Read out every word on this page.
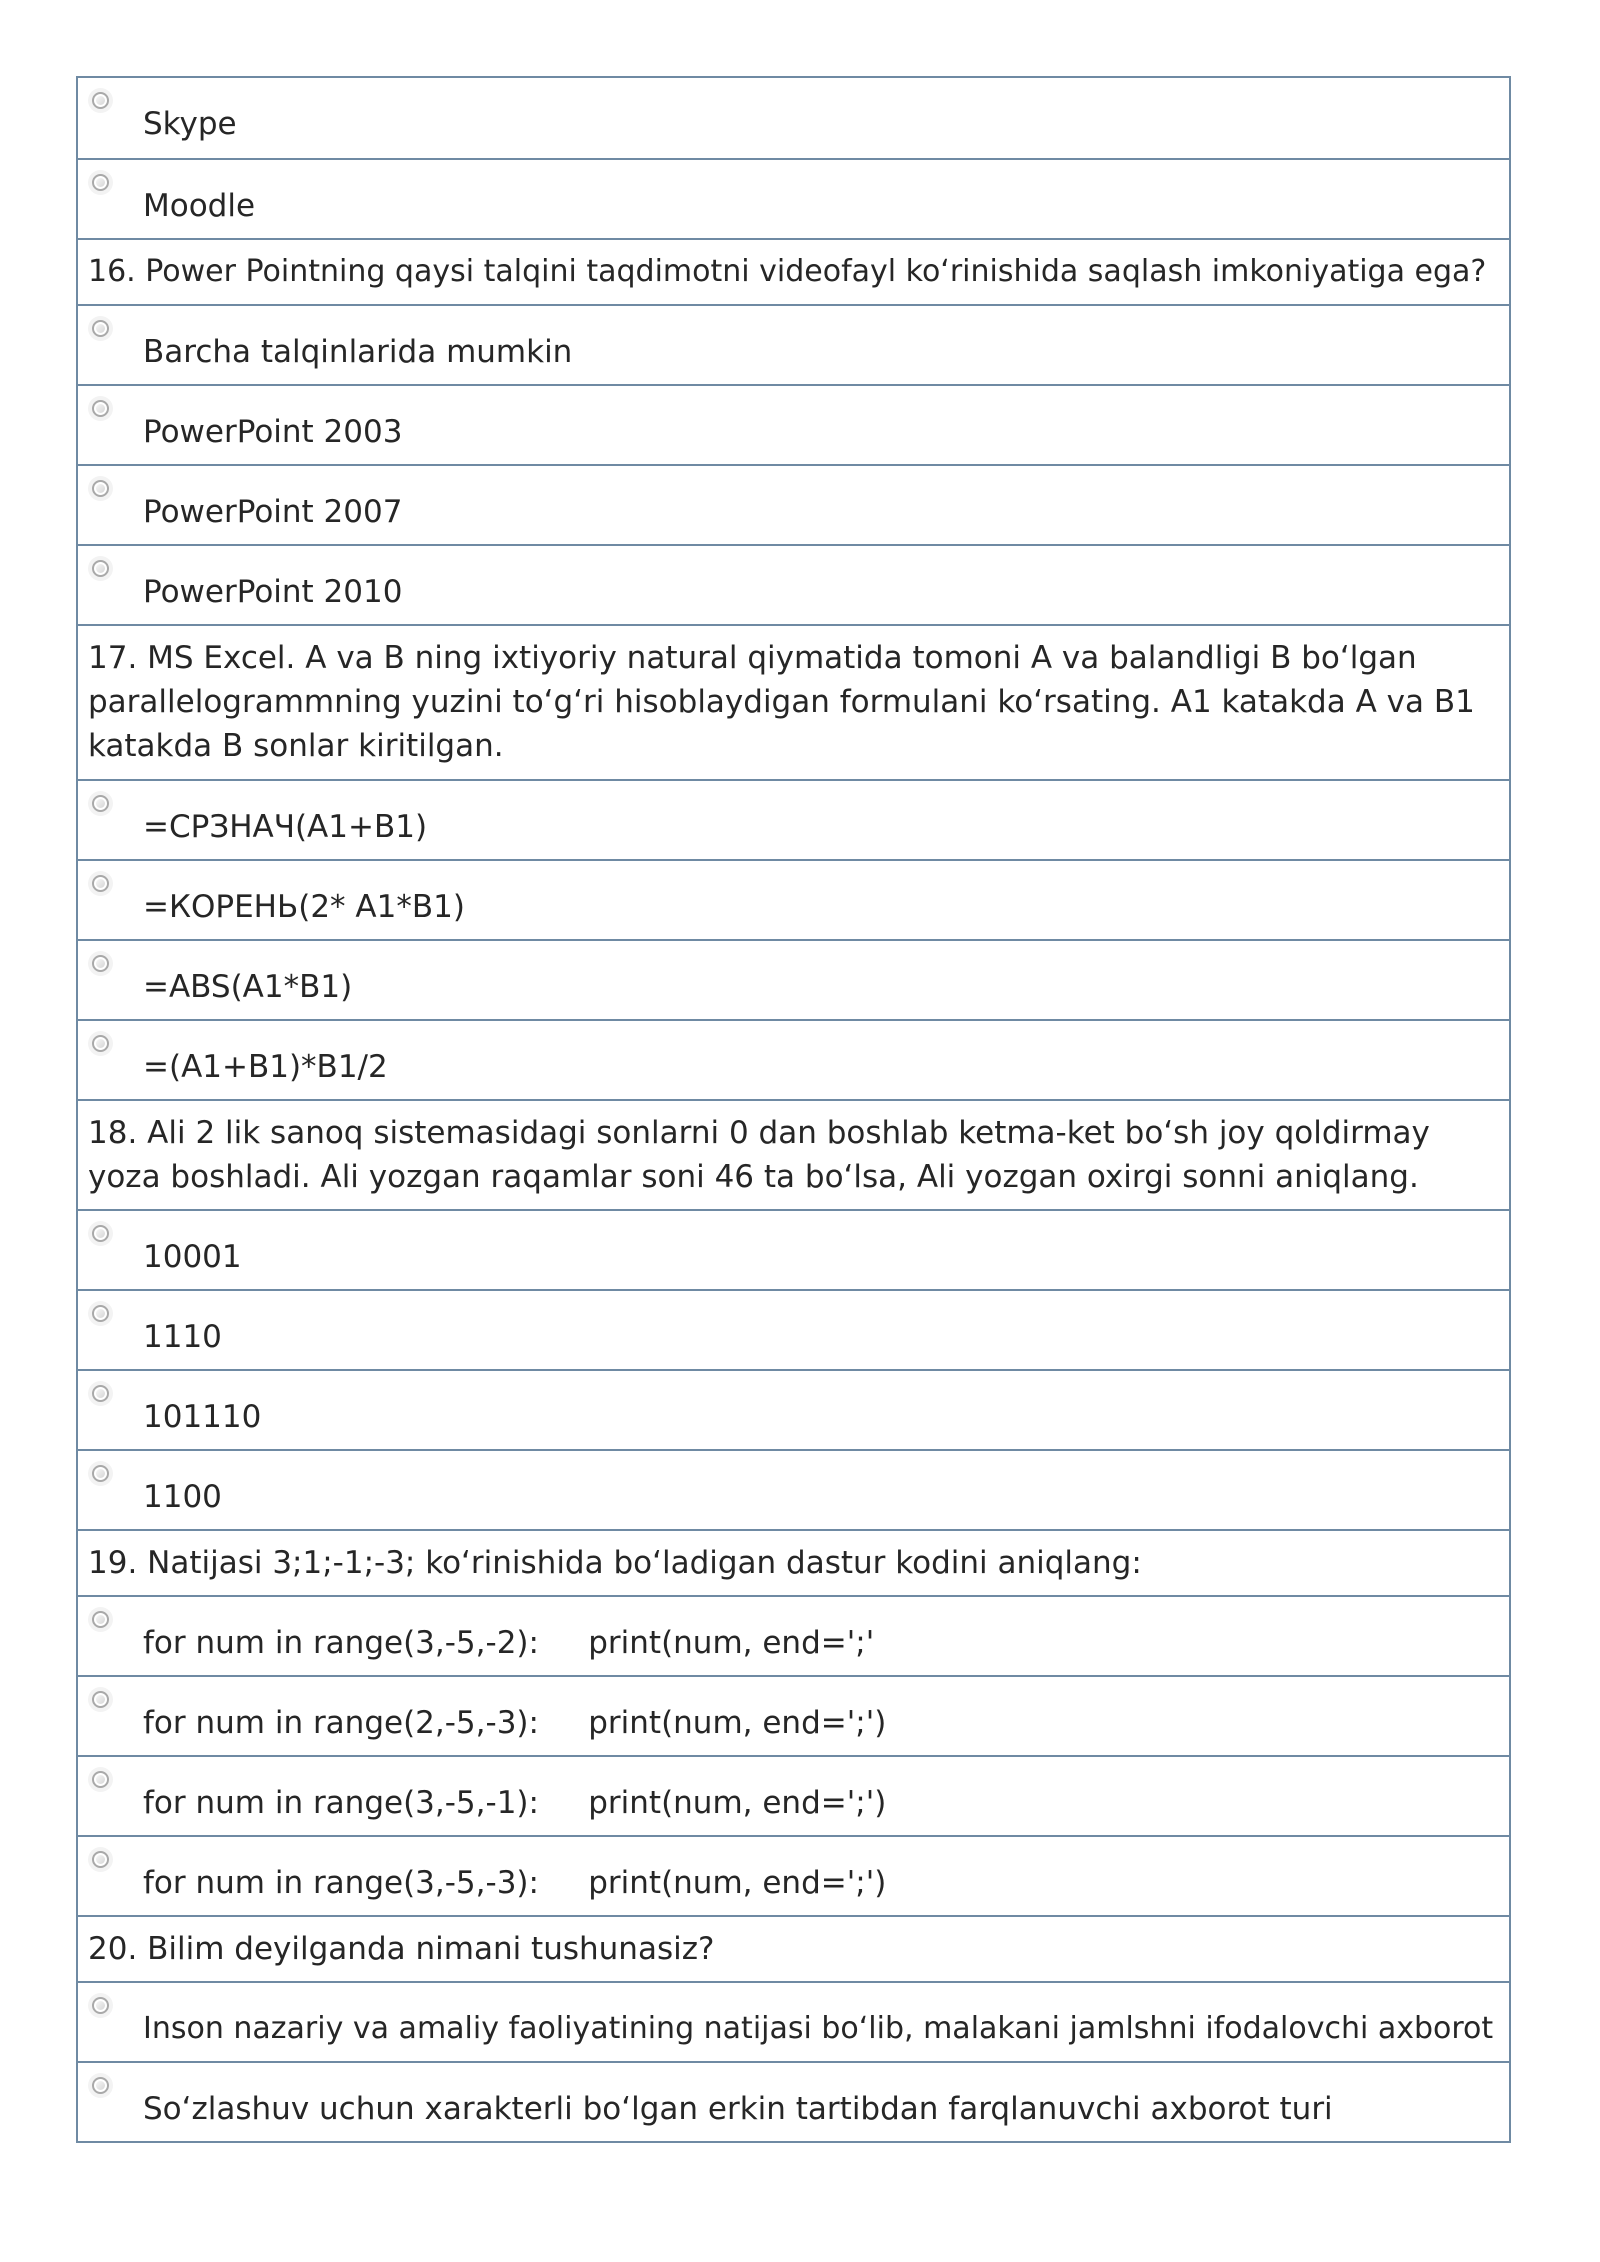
Skype
Moodle
16. Power Pointning qaysi talqini taqdimotni videofayl ko‘rinishida saqlash imkoniyatiga ega?
Barcha talqinlarida mumkin
PowerPoint 2003
PowerPoint 2007
PowerPoint 2010
17. MS Excel. A va B ning ixtiyoriy natural qiymatida tomoni A va balandligi B bo‘lgan parallelogrammning yuzini to‘g‘ri hisoblaydigan formulani ko‘rsating. A1 katakda A va B1 katakda B sonlar kiritilgan.
=СРЗНАЧ(A1+B1)
=КОРЕНЬ(2* A1*B1)
=ABS(A1*B1)
=(A1+B1)*B1/2
18. Ali 2 lik sanoq sistemasidagi sonlarni 0 dan boshlab ketma-ket bo‘sh joy qoldirmay yoza boshladi. Ali yozgan raqamlar soni 46 ta bo‘lsa, Ali yozgan oxirgi sonni aniqlang.
10001
1110
101110
1100
19. Natijasi 3;1;-1;-3; ko‘rinishida bo‘ladigan dastur kodini aniqlang:
for num in range(3,-5,-2):     print(num, end=';'
for num in range(2,-5,-3):     print(num, end=';')
for num in range(3,-5,-1):     print(num, end=';')
for num in range(3,-5,-3):     print(num, end=';')
20. Bilim deyilganda nimani tushunasiz?
Inson nazariy va amaliy faoliyatining natijasi bo‘lib, malakani jamlshni ifodalovchi axborot
So‘zlashuv uchun xarakterli bo‘lgan erkin tartibdan farqlanuvchi axborot turi
